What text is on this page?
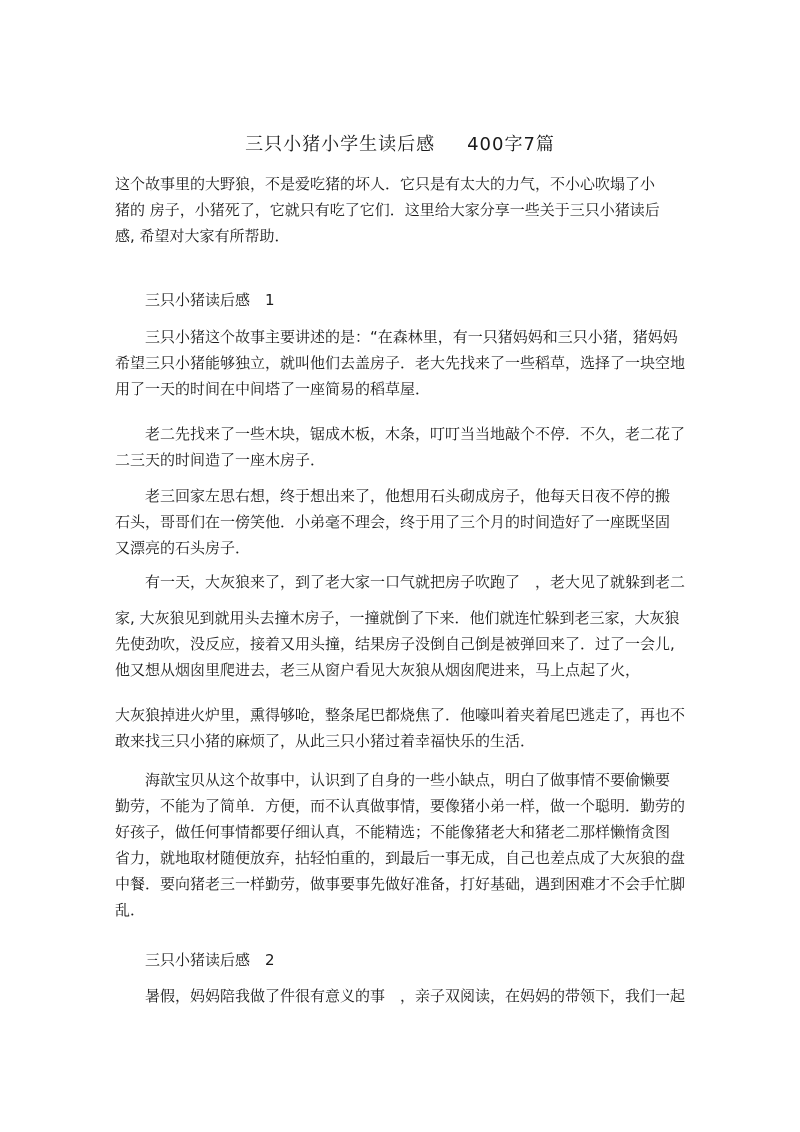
三只小猪小学生读后感 400字7篇
这个故事里的大野狼，不是爱吃猪的坏人．它只是有太大的力气，不小心吹塌了小
猪的 房子，小猪死了，它就只有吃了它们．这里给大家分享一些关于三只小猪读后
感, 希望对大家有所帮助．
三只小猪读后感　1
三只小猪这个故事主要讲述的是：“在森林里，有一只猪妈妈和三只小猪，猪妈妈
希望三只小猪能够独立，就叫他们去盖房子．老大先找来了一些稻草，选择了一块空地
用了一天的时间在中间塔了一座简易的稻草屋．
老二先找来了一些木块，锯成木板，木条，叮叮当当地敲个不停．不久，老二花了
二三天的时间造了一座木房子．
老三回家左思右想，终于想出来了，他想用石头砌成房子，他每天日夜不停的搬
石头，哥哥们在一傍笑他．小弟毫不理会，终于用了三个月的时间造好了一座既坚固
又漂亮的石头房子．
有一天，大灰狼来了，到了老大家一口气就把房子吹跑了　，老大见了就躲到老二
家, 大灰狼见到就用头去撞木房子，一撞就倒了下来．他们就连忙躲到老三家，大灰狼
先使劲吹，没反应，接着又用头撞，结果房子没倒自己倒是被弹回来了．过了一会儿,
他又想从烟囱里爬进去，老三从窗户看见大灰狼从烟囱爬进来，马上点起了火，
大灰狼掉进火炉里，熏得够呛，整条尾巴都烧焦了．他嚎叫着夹着尾巴逃走了，再也不
敢来找三只小猪的麻烦了，从此三只小猪过着幸福快乐的生活．
海歆宝贝从这个故事中，认识到了自身的一些小缺点，明白了做事情不要偷懒要
勤劳，不能为了简单．方便，而不认真做事情，要像猪小弟一样，做一个聪明．勤劳的
好孩子，做任何事情都要仔细认真，不能精选；不能像猪老大和猪老二那样懒惰贪图
省力，就地取材随便放弃，拈轻怕重的，到最后一事无成，自己也差点成了大灰狼的盘
中餐．要向猪老三一样勤劳，做事要事先做好准备，打好基础，遇到困难才不会手忙脚
乱．
三只小猪读后感　2
暑假，妈妈陪我做了件很有意义的事　，亲子双阅读，在妈妈的带领下，我们一起
